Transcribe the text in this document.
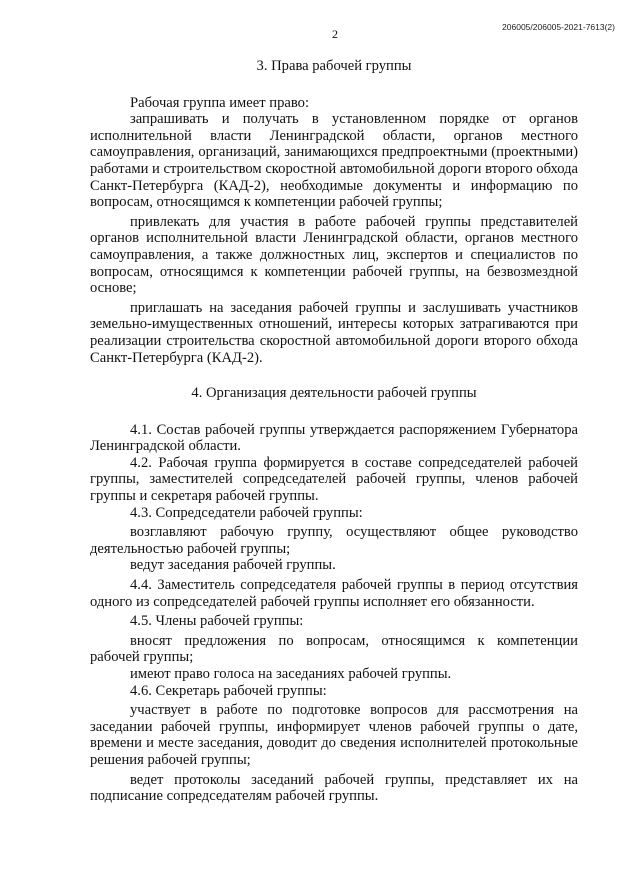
206005/206005-2021-7613(2)
2
3. Права рабочей группы

Рабочая группа имеет право:

запрашивать и получать в установленном порядке от органов исполнительной власти Ленинградской области, органов местного самоуправления, организаций, занимающихся предпроектными (проектными) работами и строительством скоростной автомобильной дороги второго обхода Санкт-Петербурга (КАД-2), необходимые документы и информацию по вопросам, относящимся к компетенции рабочей группы;

привлекать для участия в работе рабочей группы представителей органов исполнительной власти Ленинградской области, органов местного самоуправления, а также должностных лиц, экспертов и специалистов по вопросам, относящимся к компетенции рабочей группы, на безвозмездной основе;

приглашать на заседания рабочей группы и заслушивать участников земельно-имущественных отношений, интересы которых затрагиваются при реализации строительства скоростной автомобильной дороги второго обхода Санкт-Петербурга (КАД-2).

4. Организация деятельности рабочей группы

4.1. Состав рабочей группы утверждается распоряжением Губернатора Ленинградской области.

4.2. Рабочая группа формируется в составе сопредседателей рабочей группы, заместителей сопредседателей рабочей группы, членов рабочей группы и секретаря рабочей группы.

4.3. Сопредседатели рабочей группы:

возглавляют рабочую группу, осуществляют общее руководство деятельностью рабочей группы;

ведут заседания рабочей группы.

4.4. Заместитель сопредседателя рабочей группы в период отсутствия одного из сопредседателей рабочей группы исполняет его обязанности.

4.5. Члены рабочей группы:

вносят предложения по вопросам, относящимся к компетенции рабочей группы;

имеют право голоса на заседаниях рабочей группы.

4.6. Секретарь рабочей группы:

участвует в работе по подготовке вопросов для рассмотрения на заседании рабочей группы, информирует членов рабочей группы о дате, времени и месте заседания, доводит до сведения исполнителей протокольные решения рабочей группы;

ведет протоколы заседаний рабочей группы, представляет их на подписание сопредседателям рабочей группы.
